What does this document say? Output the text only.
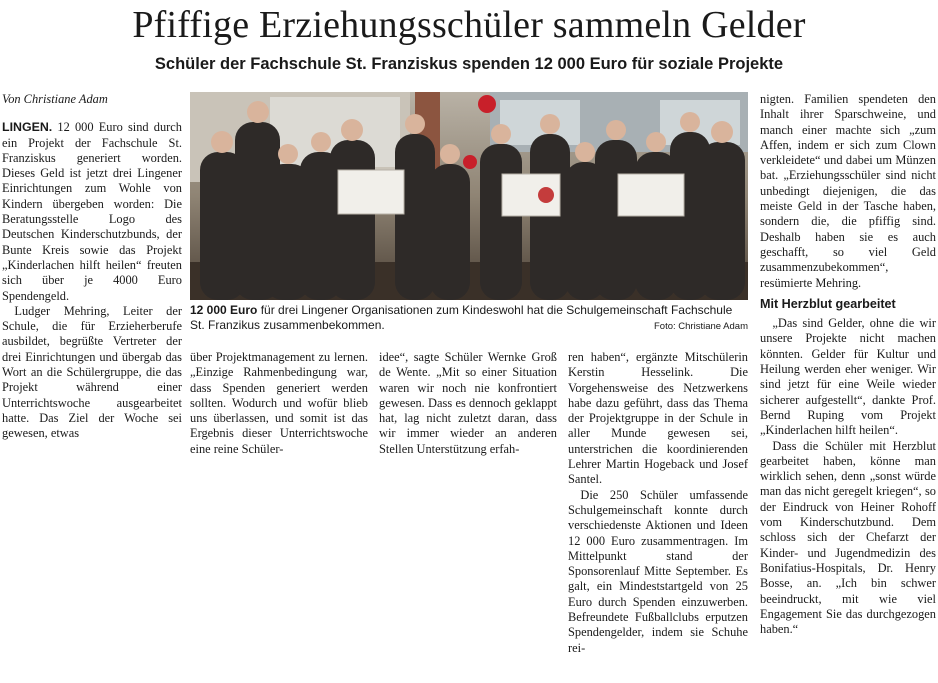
Pfiffige Erziehungsschüler sammeln Gelder
Schüler der Fachschule St. Franziskus spenden 12 000 Euro für soziale Projekte

Von Christiane Adam

LINGEN. 12 000 Euro sind durch ein Projekt der Fachschule St. Franziskus generiert worden. Dieses Geld ist jetzt drei Lingener Einrichtungen zum Wohle von Kindern übergeben worden: Die Beratungsstelle Logo des Deutschen Kinderschutzbunds, der Bunte Kreis sowie das Projekt „Kinderlachen hilft heilen“ freuten sich über je 4000 Euro Spendengeld.

Ludger Mehring, Leiter der Schule, die für Erzieherberufe ausbildet, begrüßte Vertreter der drei Einrichtungen und übergab das Wort an die Schülergruppe, die das Projekt während einer Unterrichtswoche ausgearbeitet hatte. Das Ziel der Woche sei gewesen, etwas

12 000 Euro für drei Lingener Organisationen zum Kindeswohl hat die Schulgemeinschaft Fachschule St. Franzikus zusammenbekommen.	Foto: Christiane Adam

über Projektmanagement zu lernen. „Einzige Rahmenbedingung war, dass Spenden generiert werden sollten. Wodurch und wofür blieb uns überlassen, und somit ist das Ergebnis dieser Unterrichtswoche eine reine Schüler-

idee“, sagte Schüler Wernke Groß de Wente. „Mit so einer Situation waren wir noch nie konfrontiert gewesen. Dass es dennoch geklappt hat, lag nicht zuletzt daran, dass wir immer wieder an anderen Stellen Unterstützung erfah-

ren haben“, ergänzte Mitschülerin Kerstin Hesselink. Die Vorgehensweise des Netzwerkens habe dazu geführt, dass das Thema der Projektgruppe in der Schule in aller Munde gewesen sei, unterstrichen die koordinierenden Lehrer Martin Hogeback und Josef Santel.

Die 250 Schüler umfassende Schulgemeinschaft konnte durch verschiedenste Aktionen und Ideen 12 000 Euro zusammentragen. Im Mittelpunkt stand der Sponsorenlauf Mitte September. Es galt, ein Mindeststartgeld von 25 Euro durch Spenden einzuwerben. Befreundete Fußballclubs erputzen Spendengelder, indem sie Schuhe rei-

nigten. Familien spendeten den Inhalt ihrer Sparschweine, und manch einer machte sich „zum Affen, indem er sich zum Clown verkleidete“ und dabei um Münzen bat. „Erziehungsschüler sind nicht unbedingt diejenigen, die das meiste Geld in der Tasche haben, sondern die, die pfiffig sind. Deshalb haben sie es auch geschafft, so viel Geld zusammenzubekommen“, resümierte Mehring.

Mit Herzblut gearbeitet

„Das sind Gelder, ohne die wir unsere Projekte nicht machen könnten. Gelder für Kultur und Heilung werden eher weniger. Wir sind jetzt für eine Weile wieder sicherer aufgestellt“, dankte Prof. Bernd Ruping vom Projekt „Kinderlachen hilft heilen“.

Dass die Schüler mit Herzblut gearbeitet haben, könne man wirklich sehen, denn „sonst würde man das nicht geregelt kriegen“, so der Eindruck von Heiner Rohoff vom Kinderschutzbund. Dem schloss sich der Chefarzt der Kinder- und Jugendmedizin des Bonifatius-Hospitals, Dr. Henry Bosse, an. „Ich bin schwer beeindruckt, mit wie viel Engagement Sie das durchgezogen haben.“
